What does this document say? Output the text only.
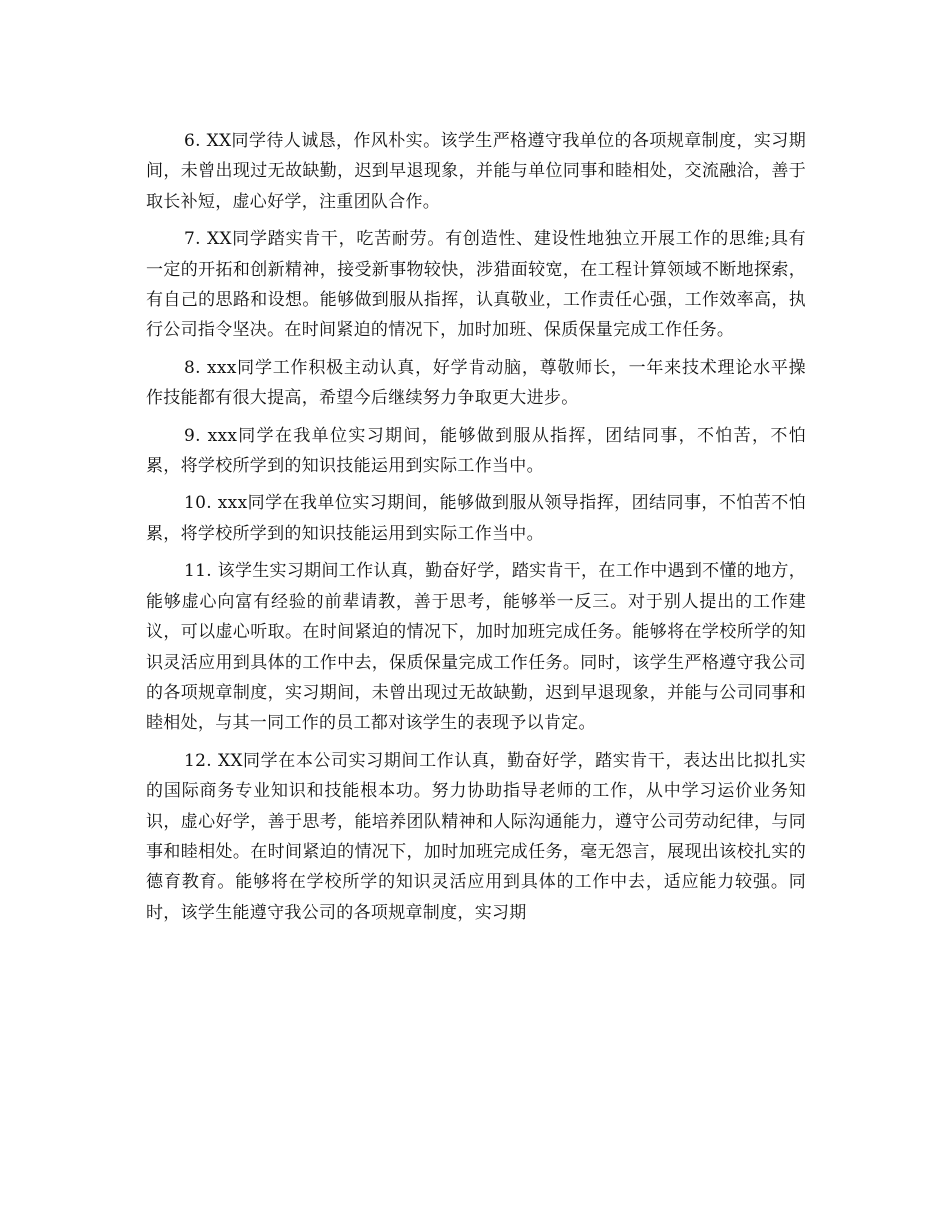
6. XX同学待人诚恳，作风朴实。该学生严格遵守我单位的各项规章制度，实习期间，未曾出现过无故缺勤，迟到早退现象，并能与单位同事和睦相处，交流融洽，善于取长补短，虚心好学，注重团队合作。

7. XX同学踏实肯干，吃苦耐劳。有创造性、建设性地独立开展工作的思维;具有一定的开拓和创新精神，接受新事物较快，涉猎面较宽，在工程计算领域不断地探索，有自己的思路和设想。能够做到服从指挥，认真敬业，工作责任心强，工作效率高，执行公司指令坚决。在时间紧迫的情况下，加时加班、保质保量完成工作任务。

8. xxx同学工作积极主动认真，好学肯动脑，尊敬师长，一年来技术理论水平操作技能都有很大提高，希望今后继续努力争取更大进步。

9. xxx同学在我单位实习期间，能够做到服从指挥，团结同事，不怕苦，不怕累，将学校所学到的知识技能运用到实际工作当中。

10. xxx同学在我单位实习期间，能够做到服从领导指挥，团结同事，不怕苦不怕累，将学校所学到的知识技能运用到实际工作当中。

11. 该学生实习期间工作认真，勤奋好学，踏实肯干，在工作中遇到不懂的地方，能够虚心向富有经验的前辈请教，善于思考，能够举一反三。对于别人提出的工作建议，可以虚心听取。在时间紧迫的情况下，加时加班完成任务。能够将在学校所学的知识灵活应用到具体的工作中去，保质保量完成工作任务。同时，该学生严格遵守我公司的各项规章制度，实习期间，未曾出现过无故缺勤，迟到早退现象，并能与公司同事和睦相处，与其一同工作的员工都对该学生的表现予以肯定。

12. XX同学在本公司实习期间工作认真，勤奋好学，踏实肯干，表达出比拟扎实的国际商务专业知识和技能根本功。努力协助指导老师的工作，从中学习运价业务知识，虚心好学，善于思考，能培养团队精神和人际沟通能力，遵守公司劳动纪律，与同事和睦相处。在时间紧迫的情况下，加时加班完成任务，毫无怨言，展现出该校扎实的德育教育。能够将在学校所学的知识灵活应用到具体的工作中去，适应能力较强。同时，该学生能遵守我公司的各项规章制度，实习期
